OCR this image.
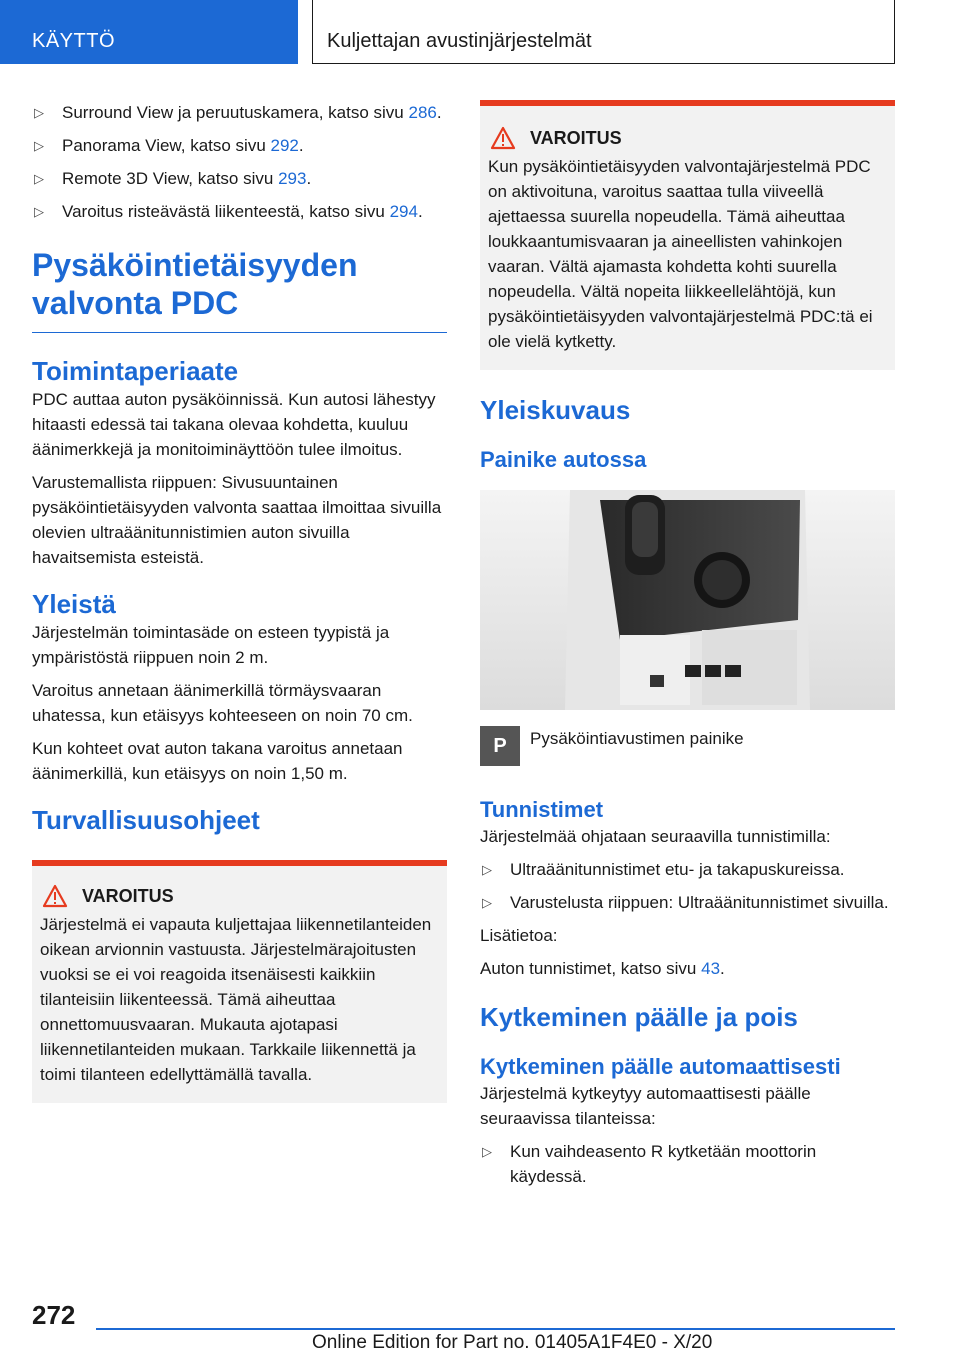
KÄYTTÖ	Kuljettajan avustinjärjestelmät
▷	Surround View ja peruutuskamera, katso sivu 286.
▷	Panorama View, katso sivu 292.
▷	Remote 3D View, katso sivu 293.
▷	Varoitus risteävästä liikenteestä, katso sivu 294.
Pysäköintietäisyyden valvonta PDC
Toimintaperiaate

PDC auttaa auton pysäköinnissä. Kun autosi lähestyy hitaasti edessä tai takana olevaa kohdetta, kuuluu äänimerkkejä ja monitoiminäyttöön tulee ilmoitus.

Varustemallista riippuen: Sivusuuntainen pysäköintietäisyyden valvonta saattaa ilmoittaa sivuilla olevien ultraäänitunnistimien auton sivuilla havaitsemista esteistä.

Yleistä

Järjestelmän toimintasäde on esteen tyypistä ja ympäristöstä riippuen noin 2 m.

Varoitus annetaan äänimerkillä törmäysvaaran uhatessa, kun etäisyys kohteeseen on noin 70 cm.

Kun kohteet ovat auton takana varoitus annetaan äänimerkillä, kun etäisyys on noin 1,50 m.

Turvallisuusohjeet
VAROITUS

Järjestelmä ei vapauta kuljettajaa liikennetilanteiden oikean arvionnin vastuusta. Järjestelmärajoitusten vuoksi se ei voi reagoida itsenäisesti kaikkiin tilanteisiin liikenteessä. Tämä aiheuttaa onnettomuusvaaran. Mukauta ajotapasi liikennetilanteiden mukaan. Tarkkaile liikennettä ja toimi tilanteen edellyttämällä tavalla.

VAROITUS

Kun pysäköintietäisyyden valvontajärjestelmä PDC on aktivoituna, varoitus saattaa tulla viiveellä ajettaessa suurella nopeudella. Tämä aiheuttaa loukkaantumisvaaran ja aineellisten vahinkojen vaaran. Vältä ajamasta kohdetta kohti suurella nopeudella. Vältä nopeita liikkeellelähtöjä, kun pysäköintietäisyyden valvontajärjestelmä PDC:tä ei ole vielä kytketty.

Yleiskuvaus
Painike autossa
P	Pysäköintiavustimen painike

Tunnistimet

Järjestelmää ohjataan seuraavilla tunnistimilla:

▷	Ultraäänitunnistimet etu- ja takapuskureissa.
▷	Varustelusta riippuen: Ultraäänitunnistimet sivuilla.

Lisätietoa:

Auton tunnistimet, katso sivu 43.

Kytkeminen päälle ja pois
Kytkeminen päälle automaattisesti

Järjestelmä kytkeytyy automaattisesti päälle seuraavissa tilanteissa:

▷	Kun vaihdeasento R kytketään moottorin käydessä.
272
Online Edition for Part no. 01405A1F4E0 - X/20
